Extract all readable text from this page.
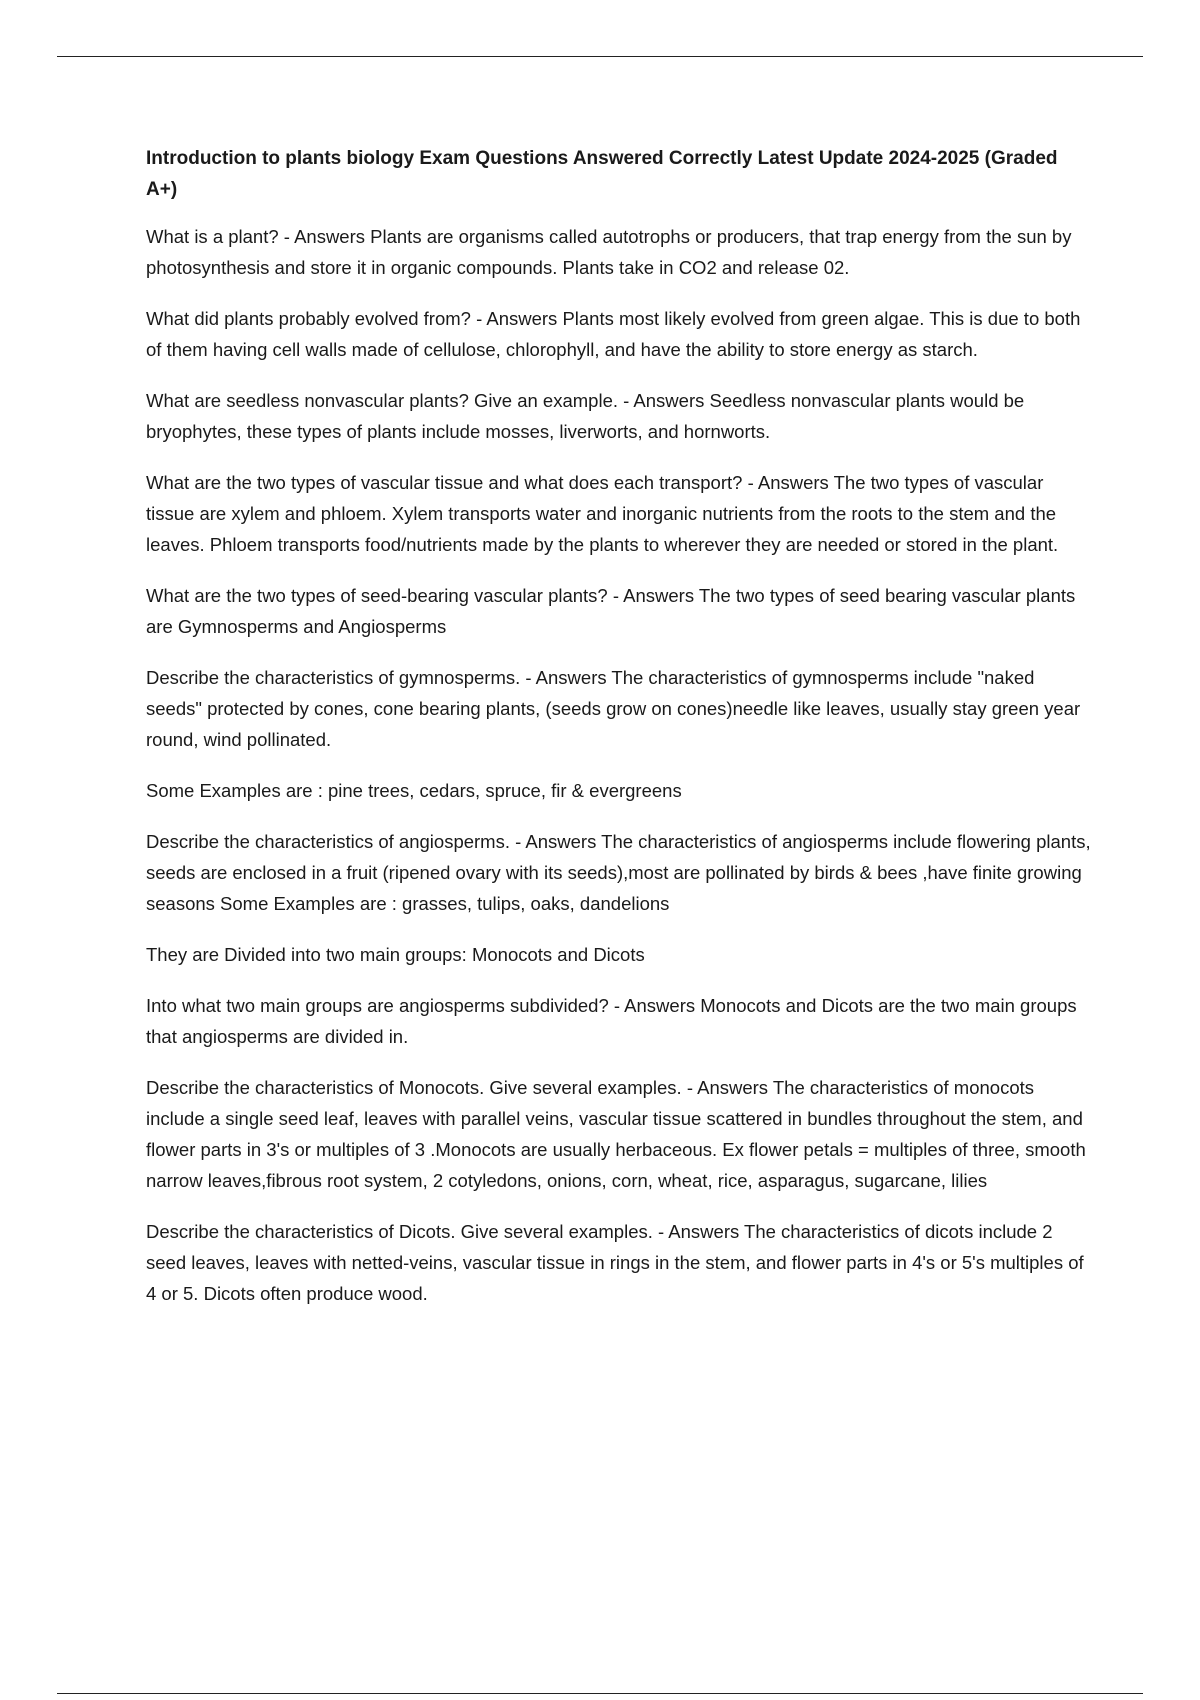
Introduction to plants biology Exam Questions Answered Correctly Latest Update 2024-2025 (Graded A+)

What is a plant? - Answers Plants are organisms called autotrophs or producers, that trap energy from the sun by photosynthesis and store it in organic compounds. Plants take in CO2 and release 02.

What did plants probably evolved from? - Answers Plants most likely evolved from green algae. This is due to both of them having cell walls made of cellulose, chlorophyll, and have the ability to store energy as starch.

What are seedless nonvascular plants? Give an example. - Answers Seedless nonvascular plants would be bryophytes, these types of plants include mosses, liverworts, and hornworts.

What are the two types of vascular tissue and what does each transport? - Answers The two types of vascular tissue are xylem and phloem. Xylem transports water and inorganic nutrients from the roots to the stem and the leaves. Phloem transports food/nutrients made by the plants to wherever they are needed or stored in the plant.

What are the two types of seed-bearing vascular plants? - Answers The two types of seed bearing vascular plants are Gymnosperms and Angiosperms

Describe the characteristics of gymnosperms. - Answers The characteristics of gymnosperms include "naked seeds" protected by cones, cone bearing plants, (seeds grow on cones)needle like leaves, usually stay green year round, wind pollinated.

Some Examples are : pine trees, cedars, spruce, fir & evergreens

Describe the characteristics of angiosperms. - Answers The characteristics of angiosperms include flowering plants, seeds are enclosed in a fruit (ripened ovary with its seeds),most are pollinated by birds & bees ,have finite growing seasons Some Examples are : grasses, tulips, oaks, dandelions

They are Divided into two main groups: Monocots and Dicots

Into what two main groups are angiosperms subdivided? - Answers Monocots and Dicots are the two main groups that angiosperms are divided in.

Describe the characteristics of Monocots. Give several examples. - Answers The characteristics of monocots include a single seed leaf, leaves with parallel veins, vascular tissue scattered in bundles throughout the stem, and flower parts in 3's or multiples of 3 .Monocots are usually herbaceous. Ex flower petals = multiples of three, smooth narrow leaves,fibrous root system, 2 cotyledons, onions, corn, wheat, rice, asparagus, sugarcane, lilies

Describe the characteristics of Dicots. Give several examples. - Answers The characteristics of dicots include 2 seed leaves, leaves with netted-veins, vascular tissue in rings in the stem, and flower parts in 4's or 5's multiples of 4 or 5. Dicots often produce wood.
